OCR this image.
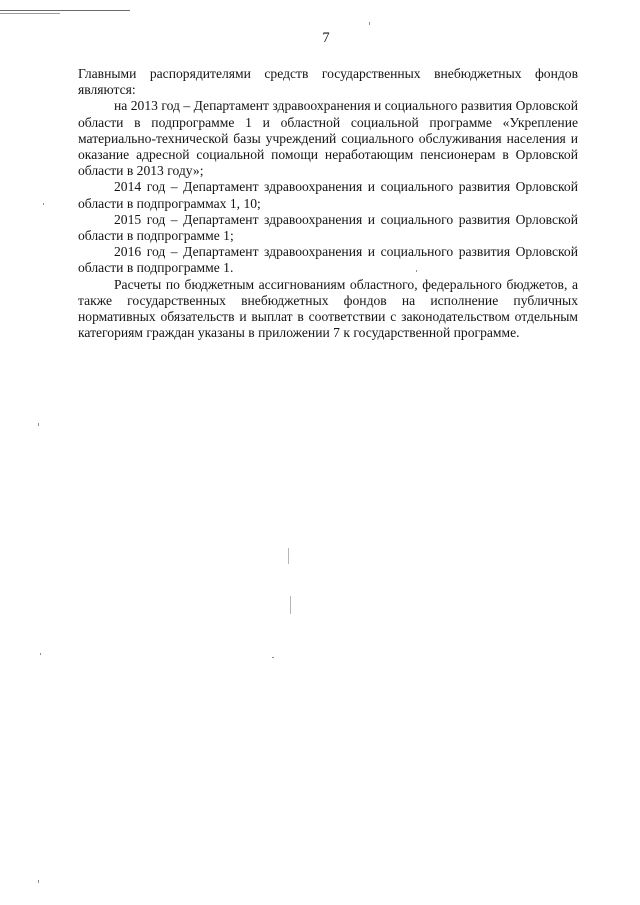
7

Главными распорядителями средств государственных внебюджетных фондов являются:

на 2013 год – Департамент здравоохранения и социального развития Орловской области в подпрограмме 1 и областной социальной программе «Укрепление материально-технической базы учреждений социального обслуживания населения и оказание адресной социальной помощи неработающим пенсионерам в Орловской области в 2013 году»;

2014 год – Департамент здравоохранения и социального развития Орловской области в подпрограммах 1, 10;

2015 год – Департамент здравоохранения и социального развития Орловской области в подпрограмме 1;

2016 год – Департамент здравоохранения и социального развития Орловской области в подпрограмме 1.

Расчеты по бюджетным ассигнованиям областного, федерального бюджетов, а также государственных внебюджетных фондов на исполнение публичных нормативных обязательств и выплат в соответствии с законодательством отдельным категориям граждан указаны в приложении 7 к государственной программе.
